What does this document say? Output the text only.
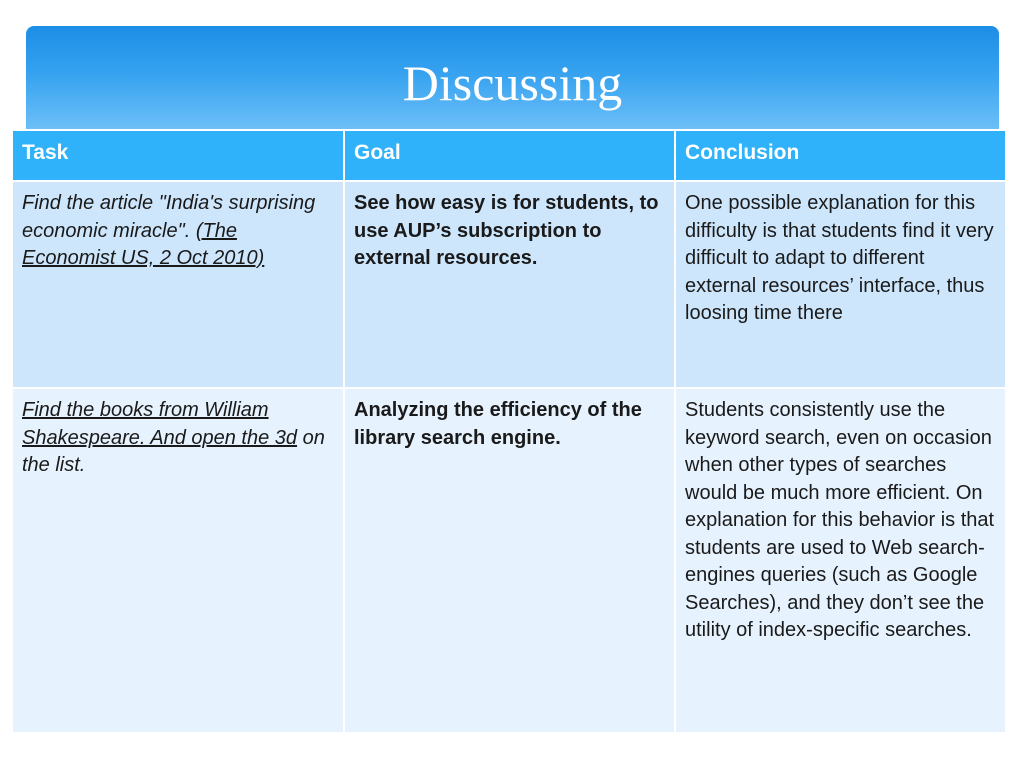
Discussing
Task	Goal	Conclusion

Find the article "India's surprising economic miracle". (The Economist US, 2 Oct 2010)	See how easy is for students, to use AUP’s subscription to external resources.	One possible explanation for this difficulty is that students find it very difficult to adapt to different external resources’ interface, thus loosing time there

Find the books from William Shakespeare. And open the 3d on the list.	Analyzing the efficiency of the library search engine.	Students consistently use the keyword search, even on occasion when other types of searches would be much more efficient. On explanation for this behavior is that students are used to Web search-engines queries (such as Google Searches), and they don’t see the utility of index-specific searches.
